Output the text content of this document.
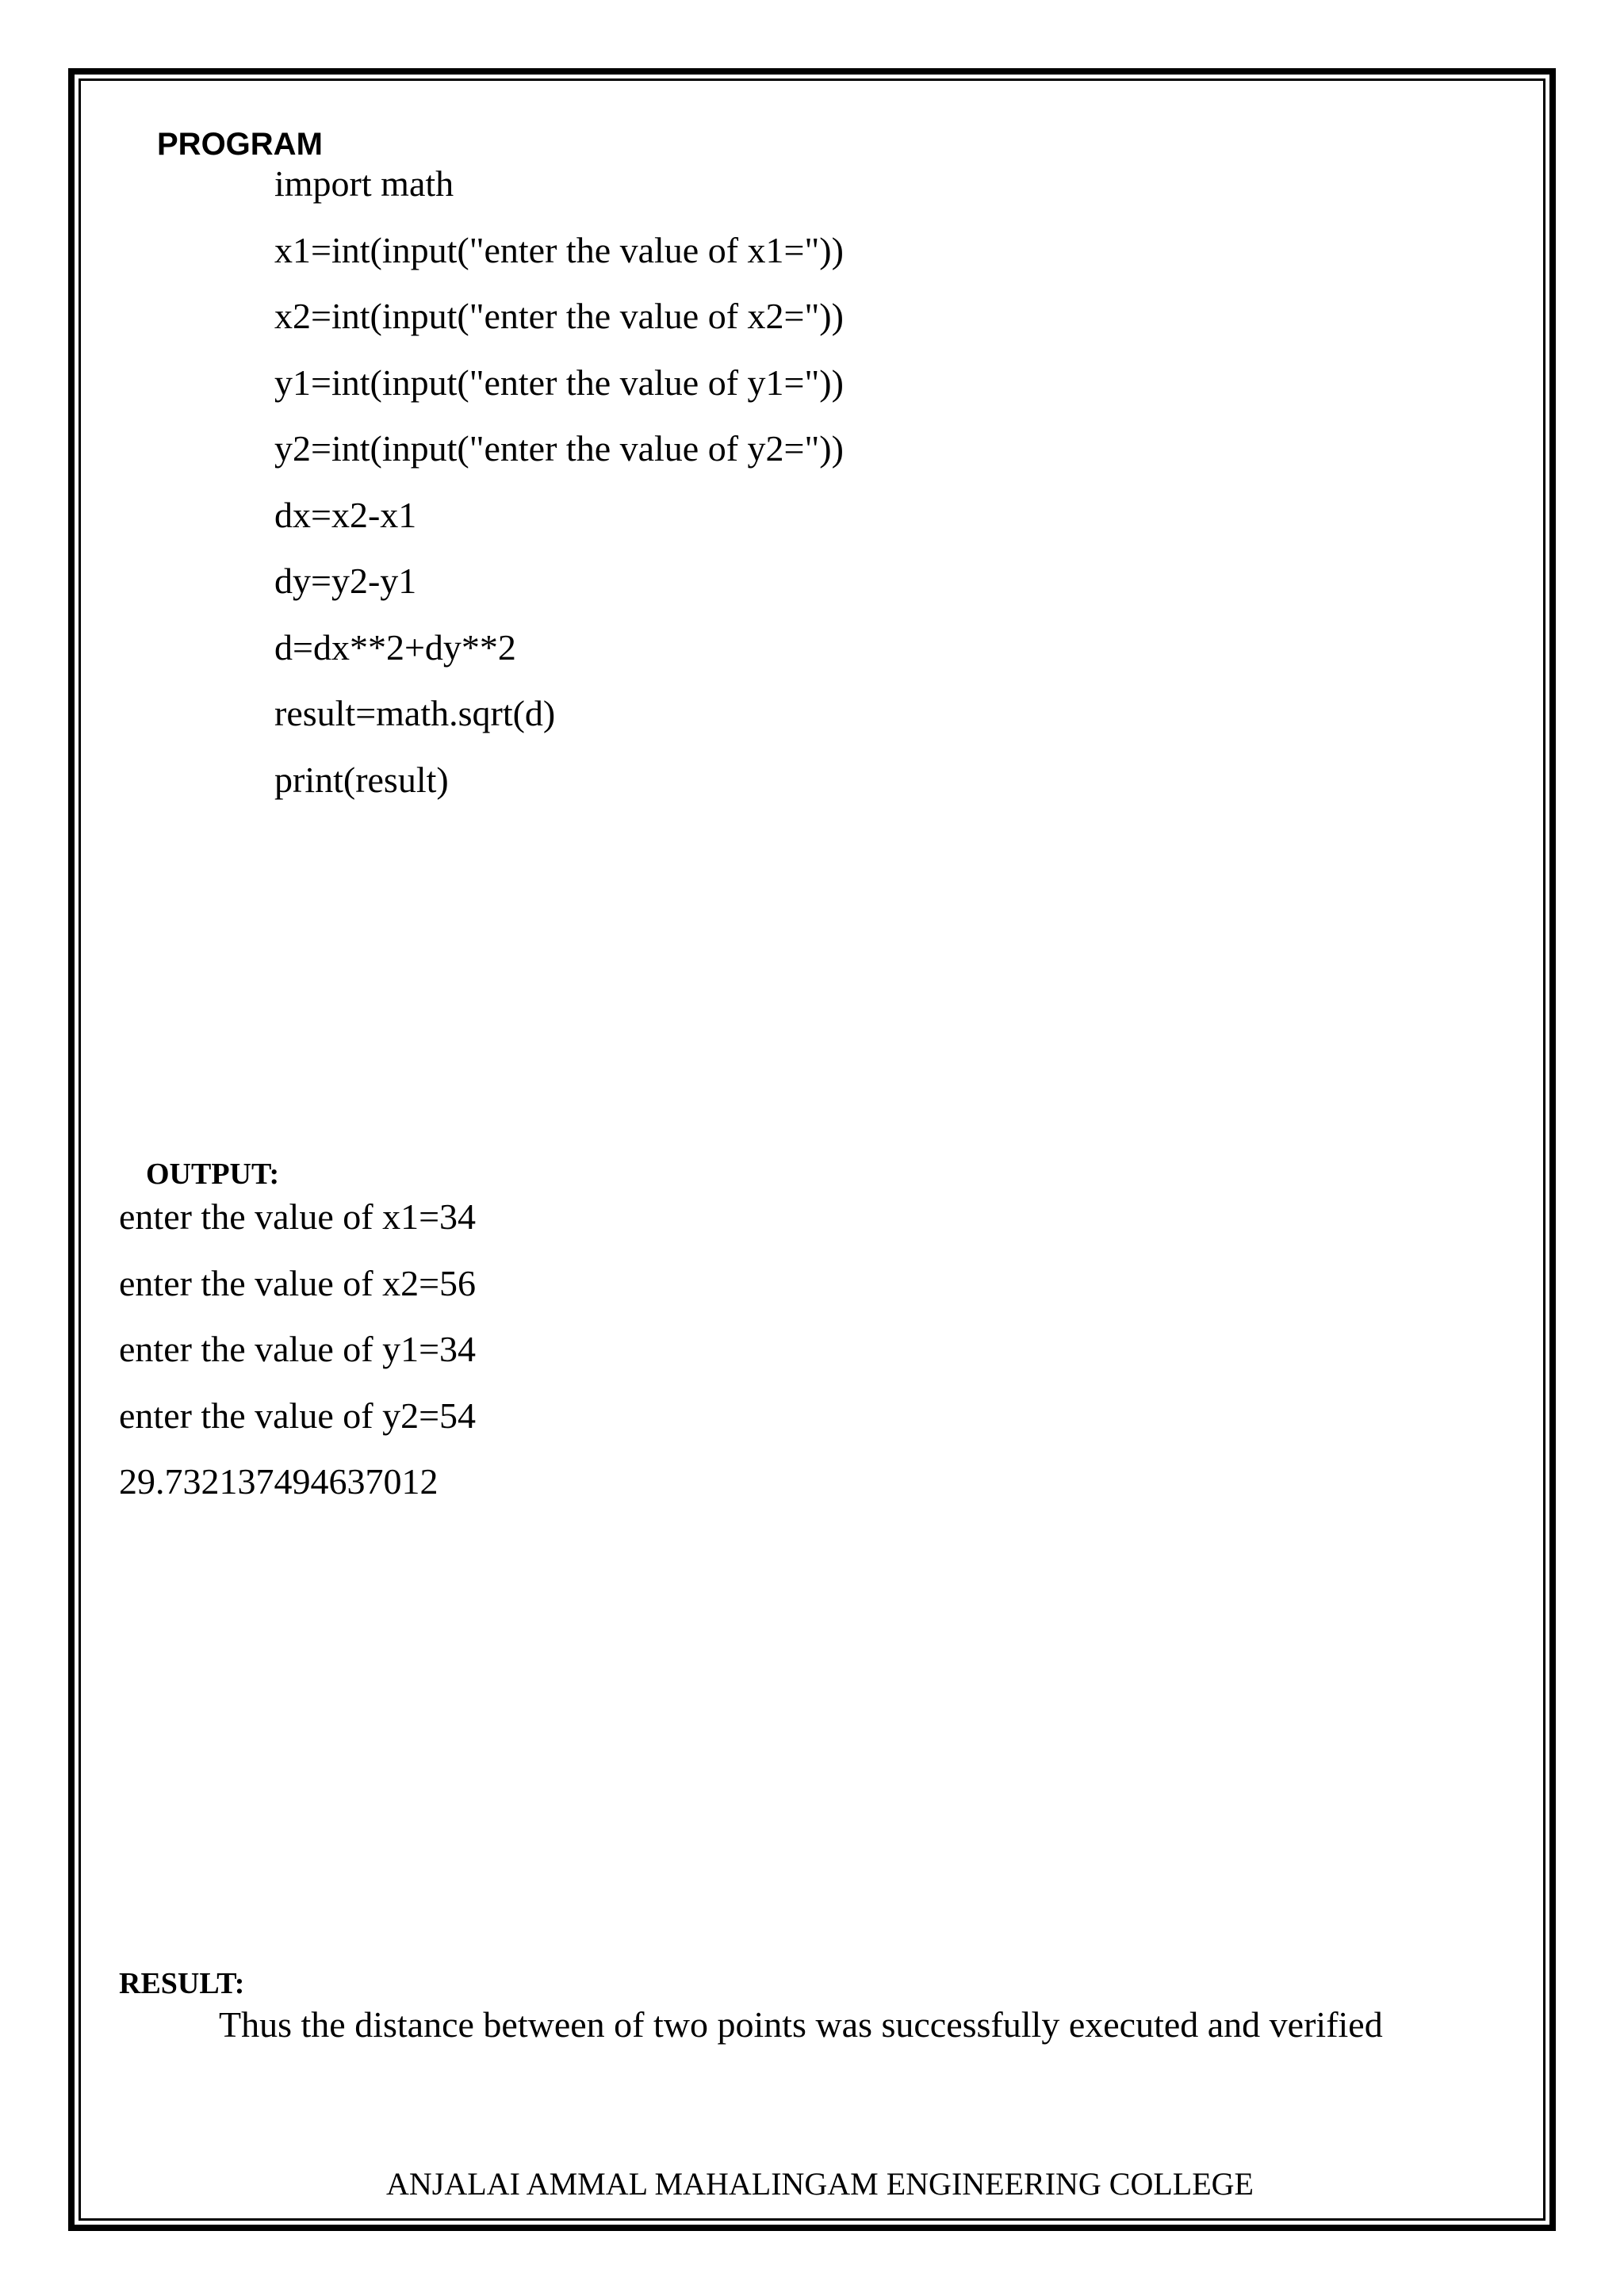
PROGRAM
import math
x1=int(input("enter the value of x1="))
x2=int(input("enter the value of x2="))
y1=int(input("enter the value of y1="))
y2=int(input("enter the value of y2="))
dx=x2-x1
dy=y2-y1
d=dx**2+dy**2
result=math.sqrt(d)
print(result)
OUTPUT:
enter the value of x1=34
enter the value of x2=56
enter the value of y1=34
enter the value of y2=54
29.732137494637012
RESULT:
Thus the distance between of two points was successfully executed and verified
ANJALAI AMMAL MAHALINGAM ENGINEERING COLLEGE
